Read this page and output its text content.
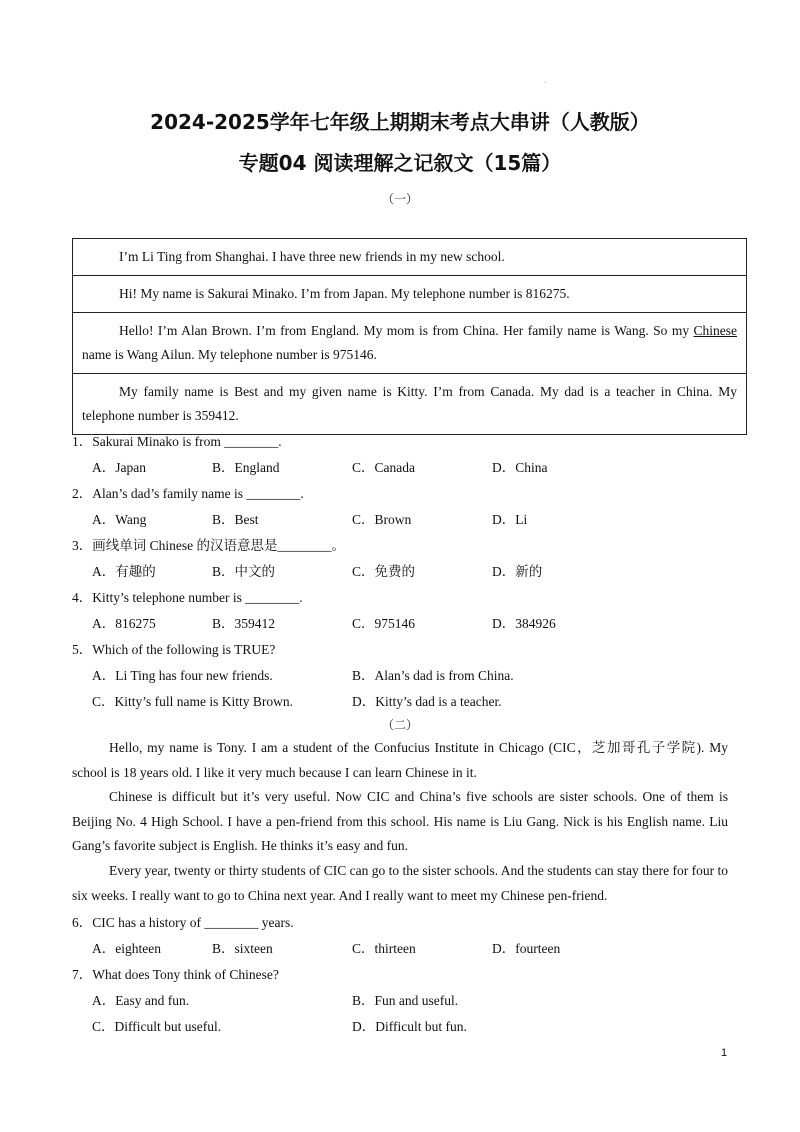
·
2024-2025学年七年级上期期末考点大串讲（人教版）
专题04 阅读理解之记叙文（15篇）
（一）
I’m Li Ting from Shanghai. I have three new friends in my new school.
Hi! My name is Sakurai Minako. I’m from Japan. My telephone number is 816275.
Hello! I’m Alan Brown. I’m from England. My mom is from China. Her family name is Wang. So my Chinese name is Wang Ailun. My telephone number is 975146.
My family name is Best and my given name is Kitty. I’m from Canada. My dad is a teacher in China. My telephone number is 359412.
1．Sakurai Minako is from ________.
A．Japan	B．England	C．Canada	D．China
2．Alan’s dad’s family name is ________.
A．Wang	B．Best	C．Brown	D．Li
3．画线单词 Chinese 的汉语意思是________。
A．有趣的	B．中文的	C．免费的	D．新的
4．Kitty’s telephone number is ________.
A．816275	B．359412	C．975146	D．384926
5．Which of the following is TRUE?
A．Li Ting has four new friends.	B．Alan’s dad is from China.
C．Kitty’s full name is Kitty Brown.	D．Kitty’s dad is a teacher.
（二）
Hello, my name is Tony. I am a student of the Confucius Institute in Chicago (CIC，芝加哥孔子学院). My school is 18 years old. I like it very much because I can learn Chinese in it.
Chinese is difficult but it’s very useful. Now CIC and China’s five schools are sister schools. One of them is Beijing No. 4 High School. I have a pen-friend from this school. His name is Liu Gang. Nick is his English name. Liu Gang’s favorite subject is English. He thinks it’s easy and fun.
Every year, twenty or thirty students of CIC can go to the sister schools. And the students can stay there for four to six weeks. I really want to go to China next year. And I really want to meet my Chinese pen-friend.
6．CIC has a history of ________ years.
A．eighteen	B．sixteen	C．thirteen	D．fourteen
7．What does Tony think of Chinese?
A．Easy and fun.	B．Fun and useful.
C．Difficult but useful.	D．Difficult but fun.
1
